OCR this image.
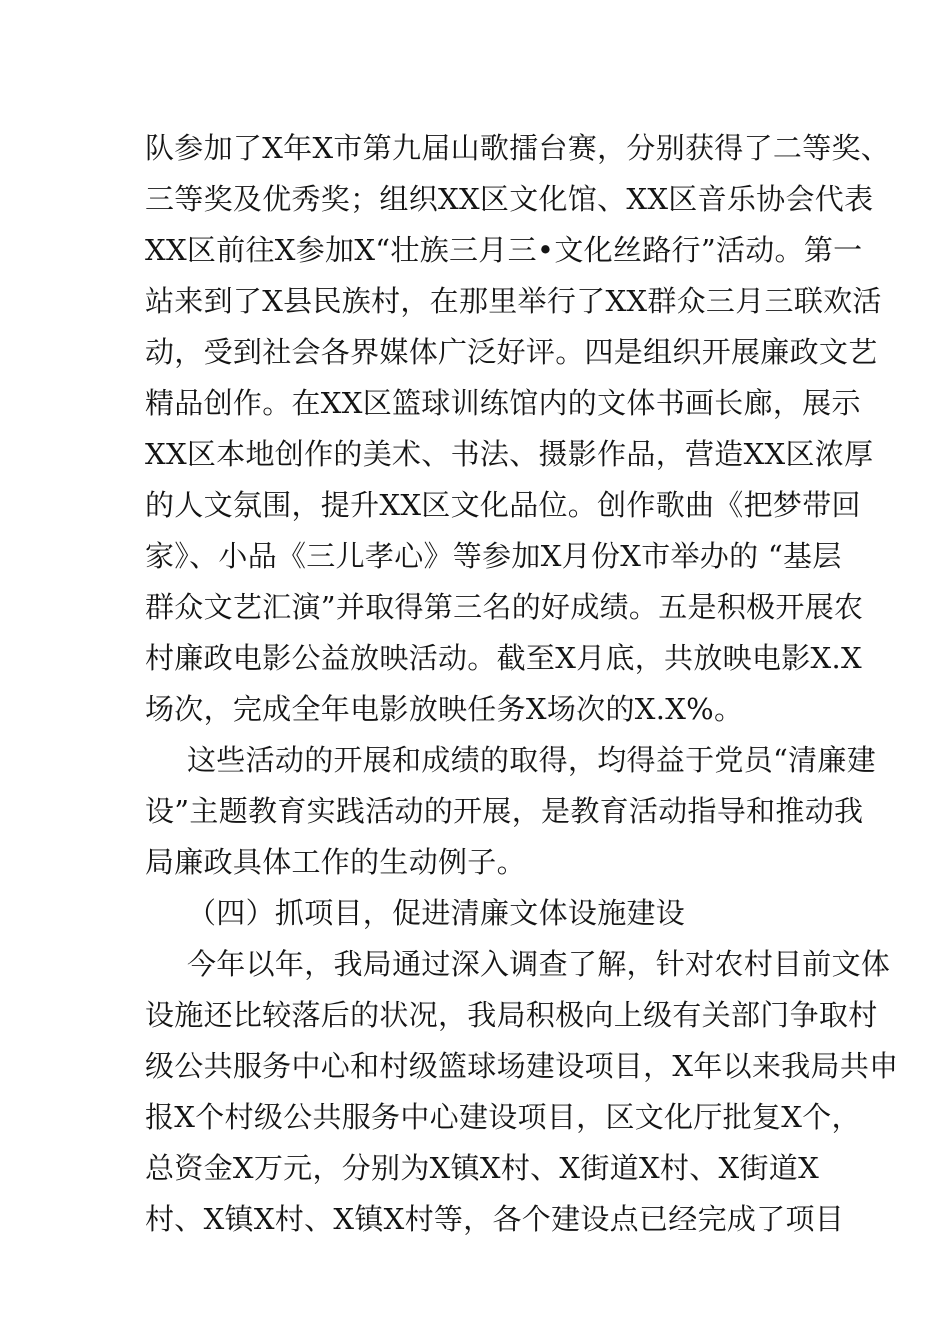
队参加了X年X市第九届山歌擂台赛，分别获得了二等奖、
三等奖及优秀奖；组织XX区文化馆、XX区音乐协会代表
XX区前往X参加X“壮族三月三•文化丝路行”活动。第一
站来到了X县民族村，在那里举行了XX群众三月三联欢活
动，受到社会各界媒体广泛好评。四是组织开展廉政文艺
精品创作。在XX区篮球训练馆内的文体书画长廊，展示
XX区本地创作的美术、书法、摄影作品，营造XX区浓厚
的人文氛围，提升XX区文化品位。创作歌曲《把梦带回
家》、小品《三儿孝心》等参加X月份X市举办的 “基层
群众文艺汇演”并取得第三名的好成绩。五是积极开展农
村廉政电影公益放映活动。截至X月底，共放映电影X.X
场次，完成全年电影放映任务X场次的X.X%。
这些活动的开展和成绩的取得，均得益于党员“清廉建
设”主题教育实践活动的开展，是教育活动指导和推动我
局廉政具体工作的生动例子。
（四）抓项目，促进清廉文体设施建设
今年以年，我局通过深入调查了解，针对农村目前文体
设施还比较落后的状况，我局积极向上级有关部门争取村
级公共服务中心和村级篮球场建设项目，X年以来我局共申
报X个村级公共服务中心建设项目，区文化厅批复X个，
总资金X万元，分别为X镇X村、X街道X村、X街道X
村、X镇X村、X镇X村等，各个建设点已经完成了项目
